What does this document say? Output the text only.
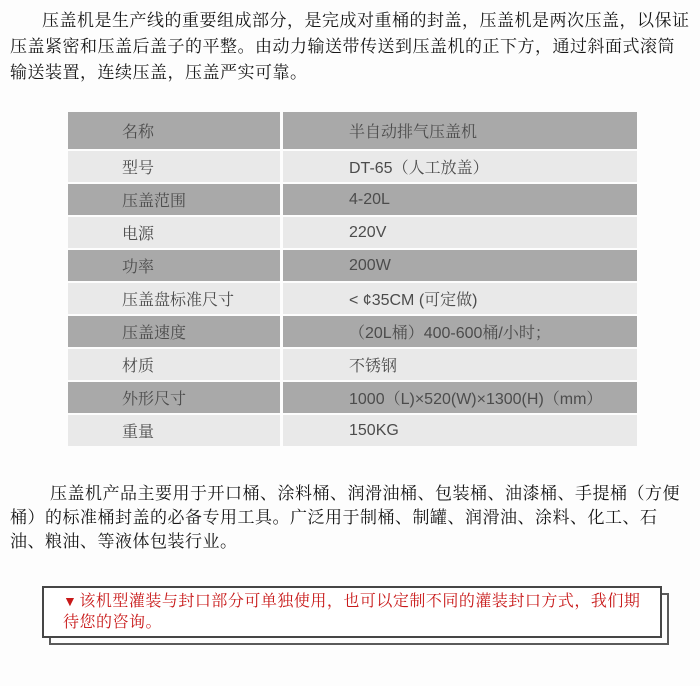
压盖机是生产线的重要组成部分，是完成对重桶的封盖，压盖机是两次压盖，以保证压盖紧密和压盖后盖子的平整。由动力输送带传送到压盖机的正下方，通过斜面式滚筒输送装置，连续压盖，压盖严实可靠。

名称	半自动排气压盖机
型号	DT-65（人工放盖）
压盖范围	4-20L
电源	220V
功率	200W
压盖盘标准尺寸	< ¢35CM (可定做)
压盖速度	（20L桶）400-600桶/小时；
材质	不锈钢
外形尺寸	1000（L)×520(W)×1300(H)（mm）
重量	150KG

压盖机产品主要用于开口桶、涂料桶、润滑油桶、包装桶、油漆桶、手提桶（方便桶）的标准桶封盖的必备专用工具。广泛用于制桶、制罐、润滑油、涂料、化工、石油、粮油、等液体包装行业。

▼ 该机型灌装与封口部分可单独使用，也可以定制不同的灌装封口方式，我们期待您的咨询。
